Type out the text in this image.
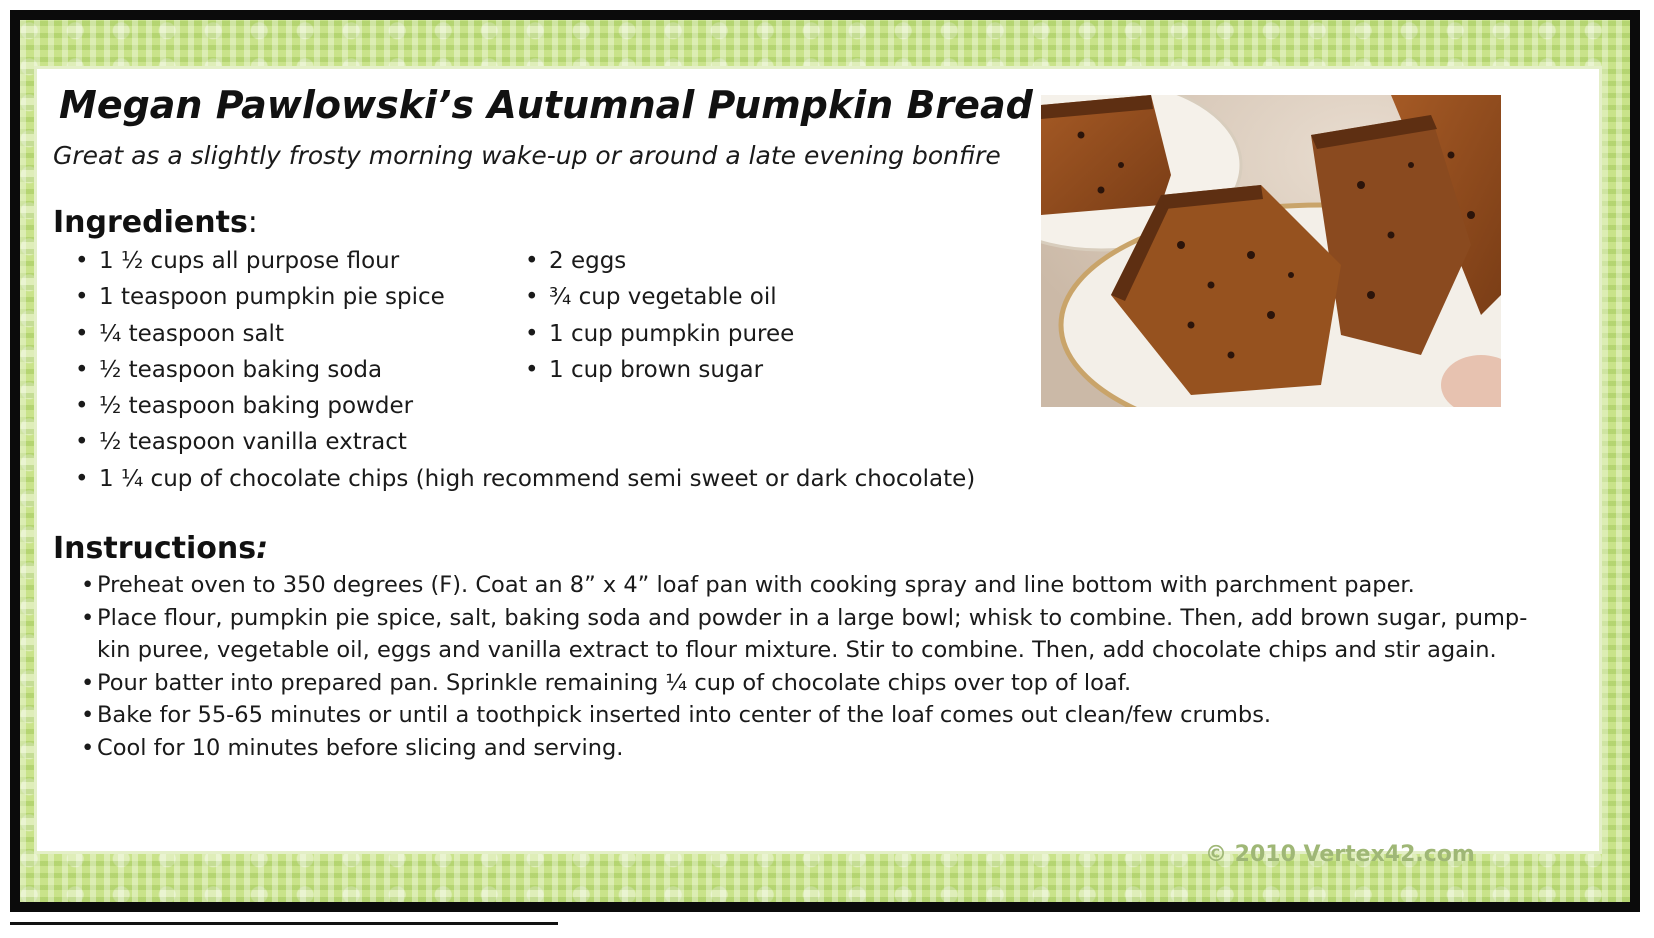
Megan Pawlowski’s Autumnal Pumpkin Bread

Great as a slightly frosty morning wake-up or around a late evening bonfire

Ingredients:
• 1 ½ cups all purpose flour
• 1 teaspoon pumpkin pie spice
• ¼ teaspoon salt
• ½ teaspoon baking soda
• ½ teaspoon baking powder
• ½ teaspoon vanilla extract
• 1 ¼ cup of chocolate chips (high recommend semi sweet or dark chocolate)
• 2 eggs
• ¾ cup vegetable oil
• 1 cup pumpkin puree
• 1 cup brown sugar
Instructions:
• Preheat oven to 350 degrees (F). Coat an 8” x 4” loaf pan with cooking spray and line bottom with parchment paper.
• Place flour, pumpkin pie spice, salt, baking soda and powder in a large bowl; whisk to combine. Then, add brown sugar, pump-kin puree, vegetable oil, eggs and vanilla extract to flour mixture. Stir to combine. Then, add chocolate chips and stir again.
• Pour batter into prepared pan. Sprinkle remaining ¼ cup of chocolate chips over top of loaf.
• Bake for 55-65 minutes or until a toothpick inserted into center of the loaf comes out clean/few crumbs.
• Cool for 10 minutes before slicing and serving.
© 2010 Vertex42.com
